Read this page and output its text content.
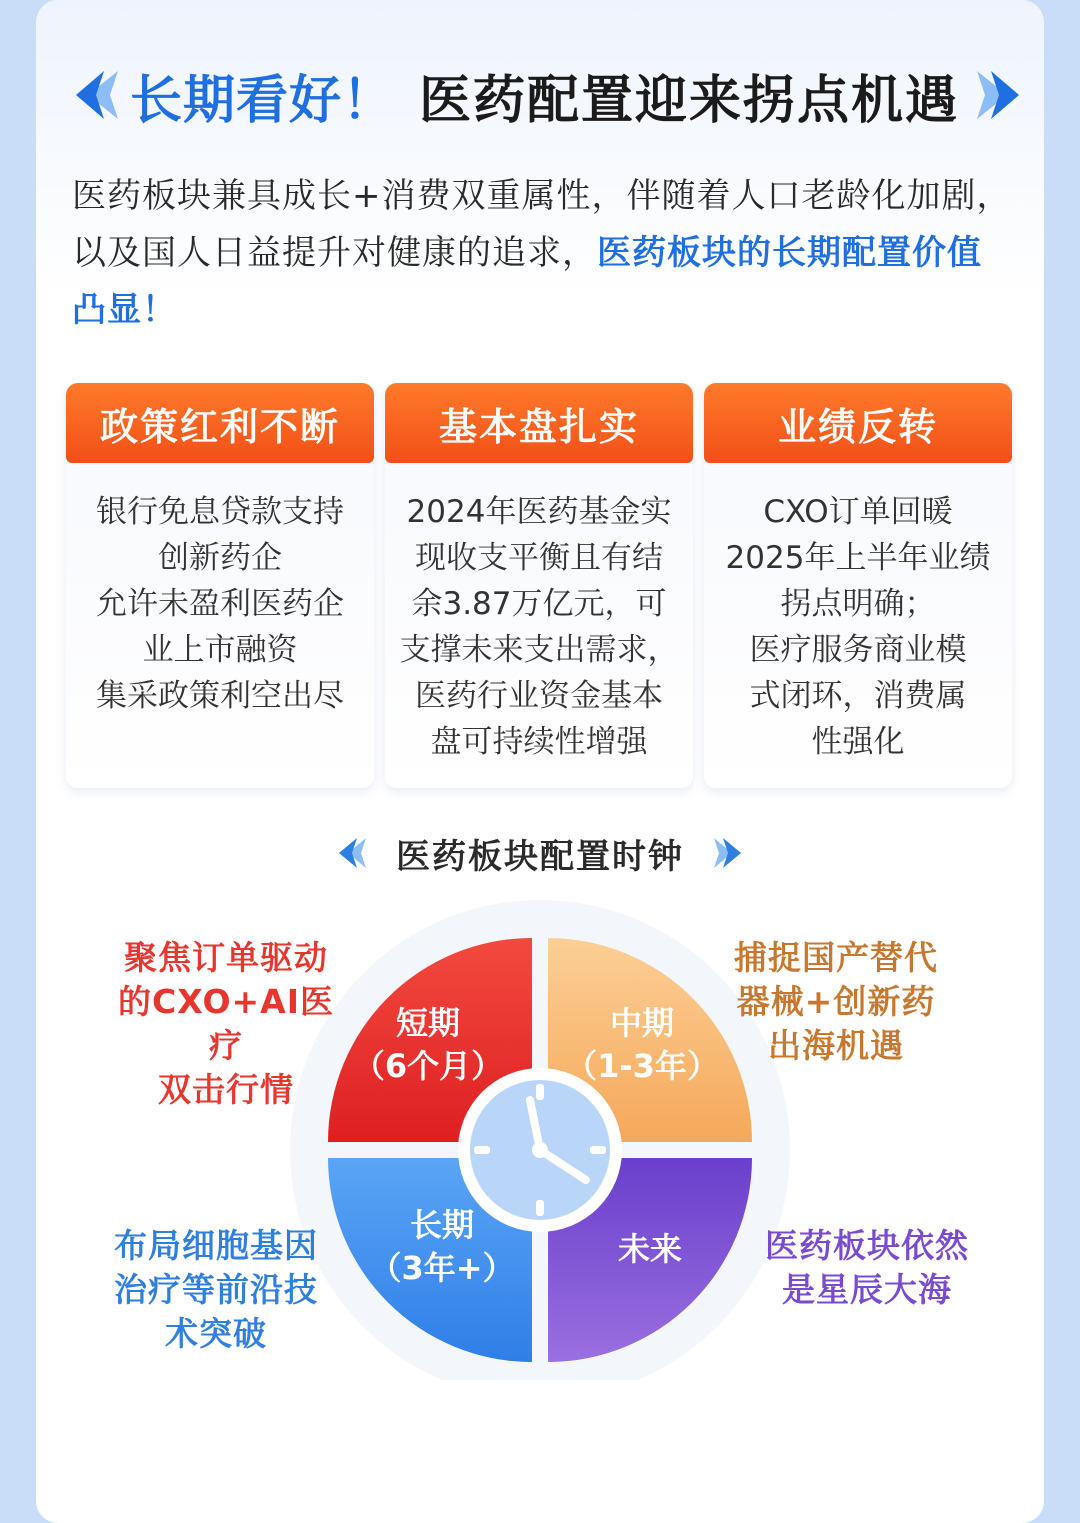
长期看好！ 医药配置迎来拐点机遇

医药板块兼具成长+消费双重属性，伴随着人口老龄化加剧，以及国人日益提升对健康的追求，医药板块的长期配置价值凸显！

政策红利不断
银行免息贷款支持
创新药企
允许未盈利医药企
业上市融资
集采政策利空出尽
基本盘扎实
2024年医药基金实
现收支平衡且有结
余3.87万亿元，可
支撑未来支出需求，
医药行业资金基本
盘可持续性增强
业绩反转
CXO订单回暖
2025年上半年业绩
拐点明确；
医疗服务商业模
式闭环，消费属
性强化
医药板块配置时钟
短期
（6个月）
中期
（1-3年）
长期
（3年+）	未来
聚焦订单驱动
的CXO+AI医疗
双击行情
捕捉国产替代
器械+创新药
出海机遇
布局细胞基因
治疗等前沿技
术突破
医药板块依然
是星辰大海
